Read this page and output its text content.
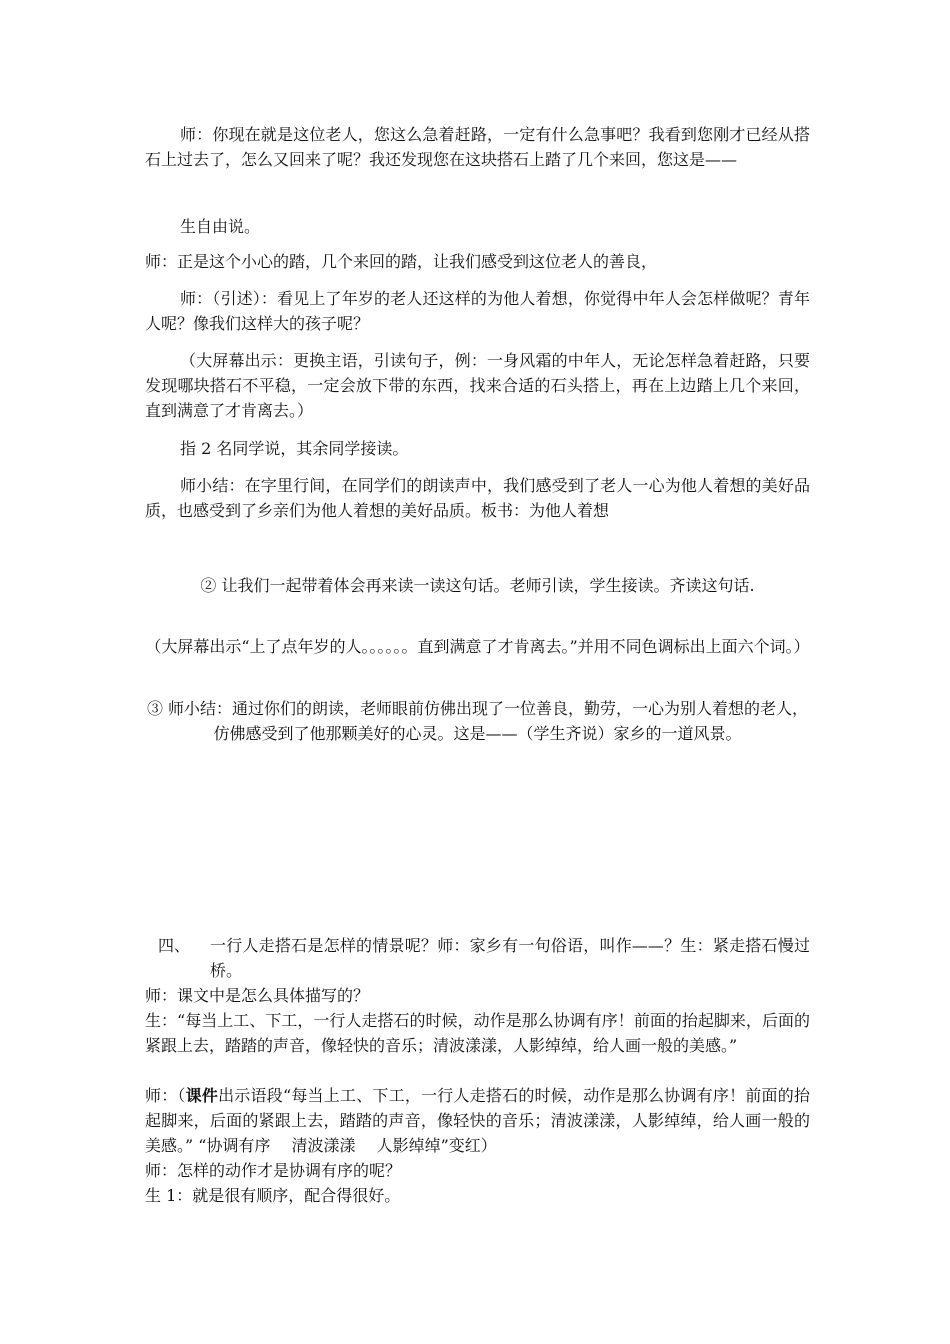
师：你现在就是这位老人，您这么急着赶路，一定有什么急事吧？我看到您刚才已经从搭石上过去了，怎么又回来了呢？我还发现您在这块搭石上踏了几个来回，您这是——

生自由说。

师：正是这个小心的踏，几个来回的踏，让我们感受到这位老人的善良，

师：（引述）：看见上了年岁的老人还这样的为他人着想，你觉得中年人会怎样做呢？青年人呢？像我们这样大的孩子呢？

（大屏幕出示：更换主语，引读句子，例：一身风霜的中年人，无论怎样急着赶路，只要发现哪块搭石不平稳，一定会放下带的东西，找来合适的石头搭上，再在上边踏上几个来回，直到满意了才肯离去。）

指 2 名同学说，其余同学接读。

师小结：在字里行间，在同学们的朗读声中，我们感受到了老人一心为他人着想的美好品质，也感受到了乡亲们为他人着想的美好品质。板书：为他人着想

② 让我们一起带着体会再来读一读这句话。老师引读，学生接读。齐读这句话.

（大屏幕出示“上了点年岁的人。。。。。。直到满意了才肯离去。”并用不同色调标出上面六个词。）

③ 师小结：通过你们的朗读，老师眼前仿佛出现了一位善良，勤劳，一心为别人着想的老人，仿佛感受到了他那颗美好的心灵。这是——（学生齐说）家乡的一道风景。

四、 一行人走搭石是怎样的情景呢？师：家乡有一句俗语，叫作——？生：紧走搭石慢过桥。

师：课文中是怎么具体描写的？

生：“每当上工、下工，一行人走搭石的时候，动作是那么协调有序！前面的抬起脚来，后面的紧跟上去，踏踏的声音，像轻快的音乐；清波漾漾，人影绰绰，给人画一般的美感。”

师：（课件出示语段“每当上工、下工，一行人走搭石的时候，动作是那么协调有序！前面的抬起脚来，后面的紧跟上去，踏踏的声音，像轻快的音乐；清波漾漾，人影绰绰，给人画一般的美感。” “协调有序　 清波漾漾　 人影绰绰”变红）

师：怎样的动作才是协调有序的呢？

生 1：就是很有顺序，配合得很好。
